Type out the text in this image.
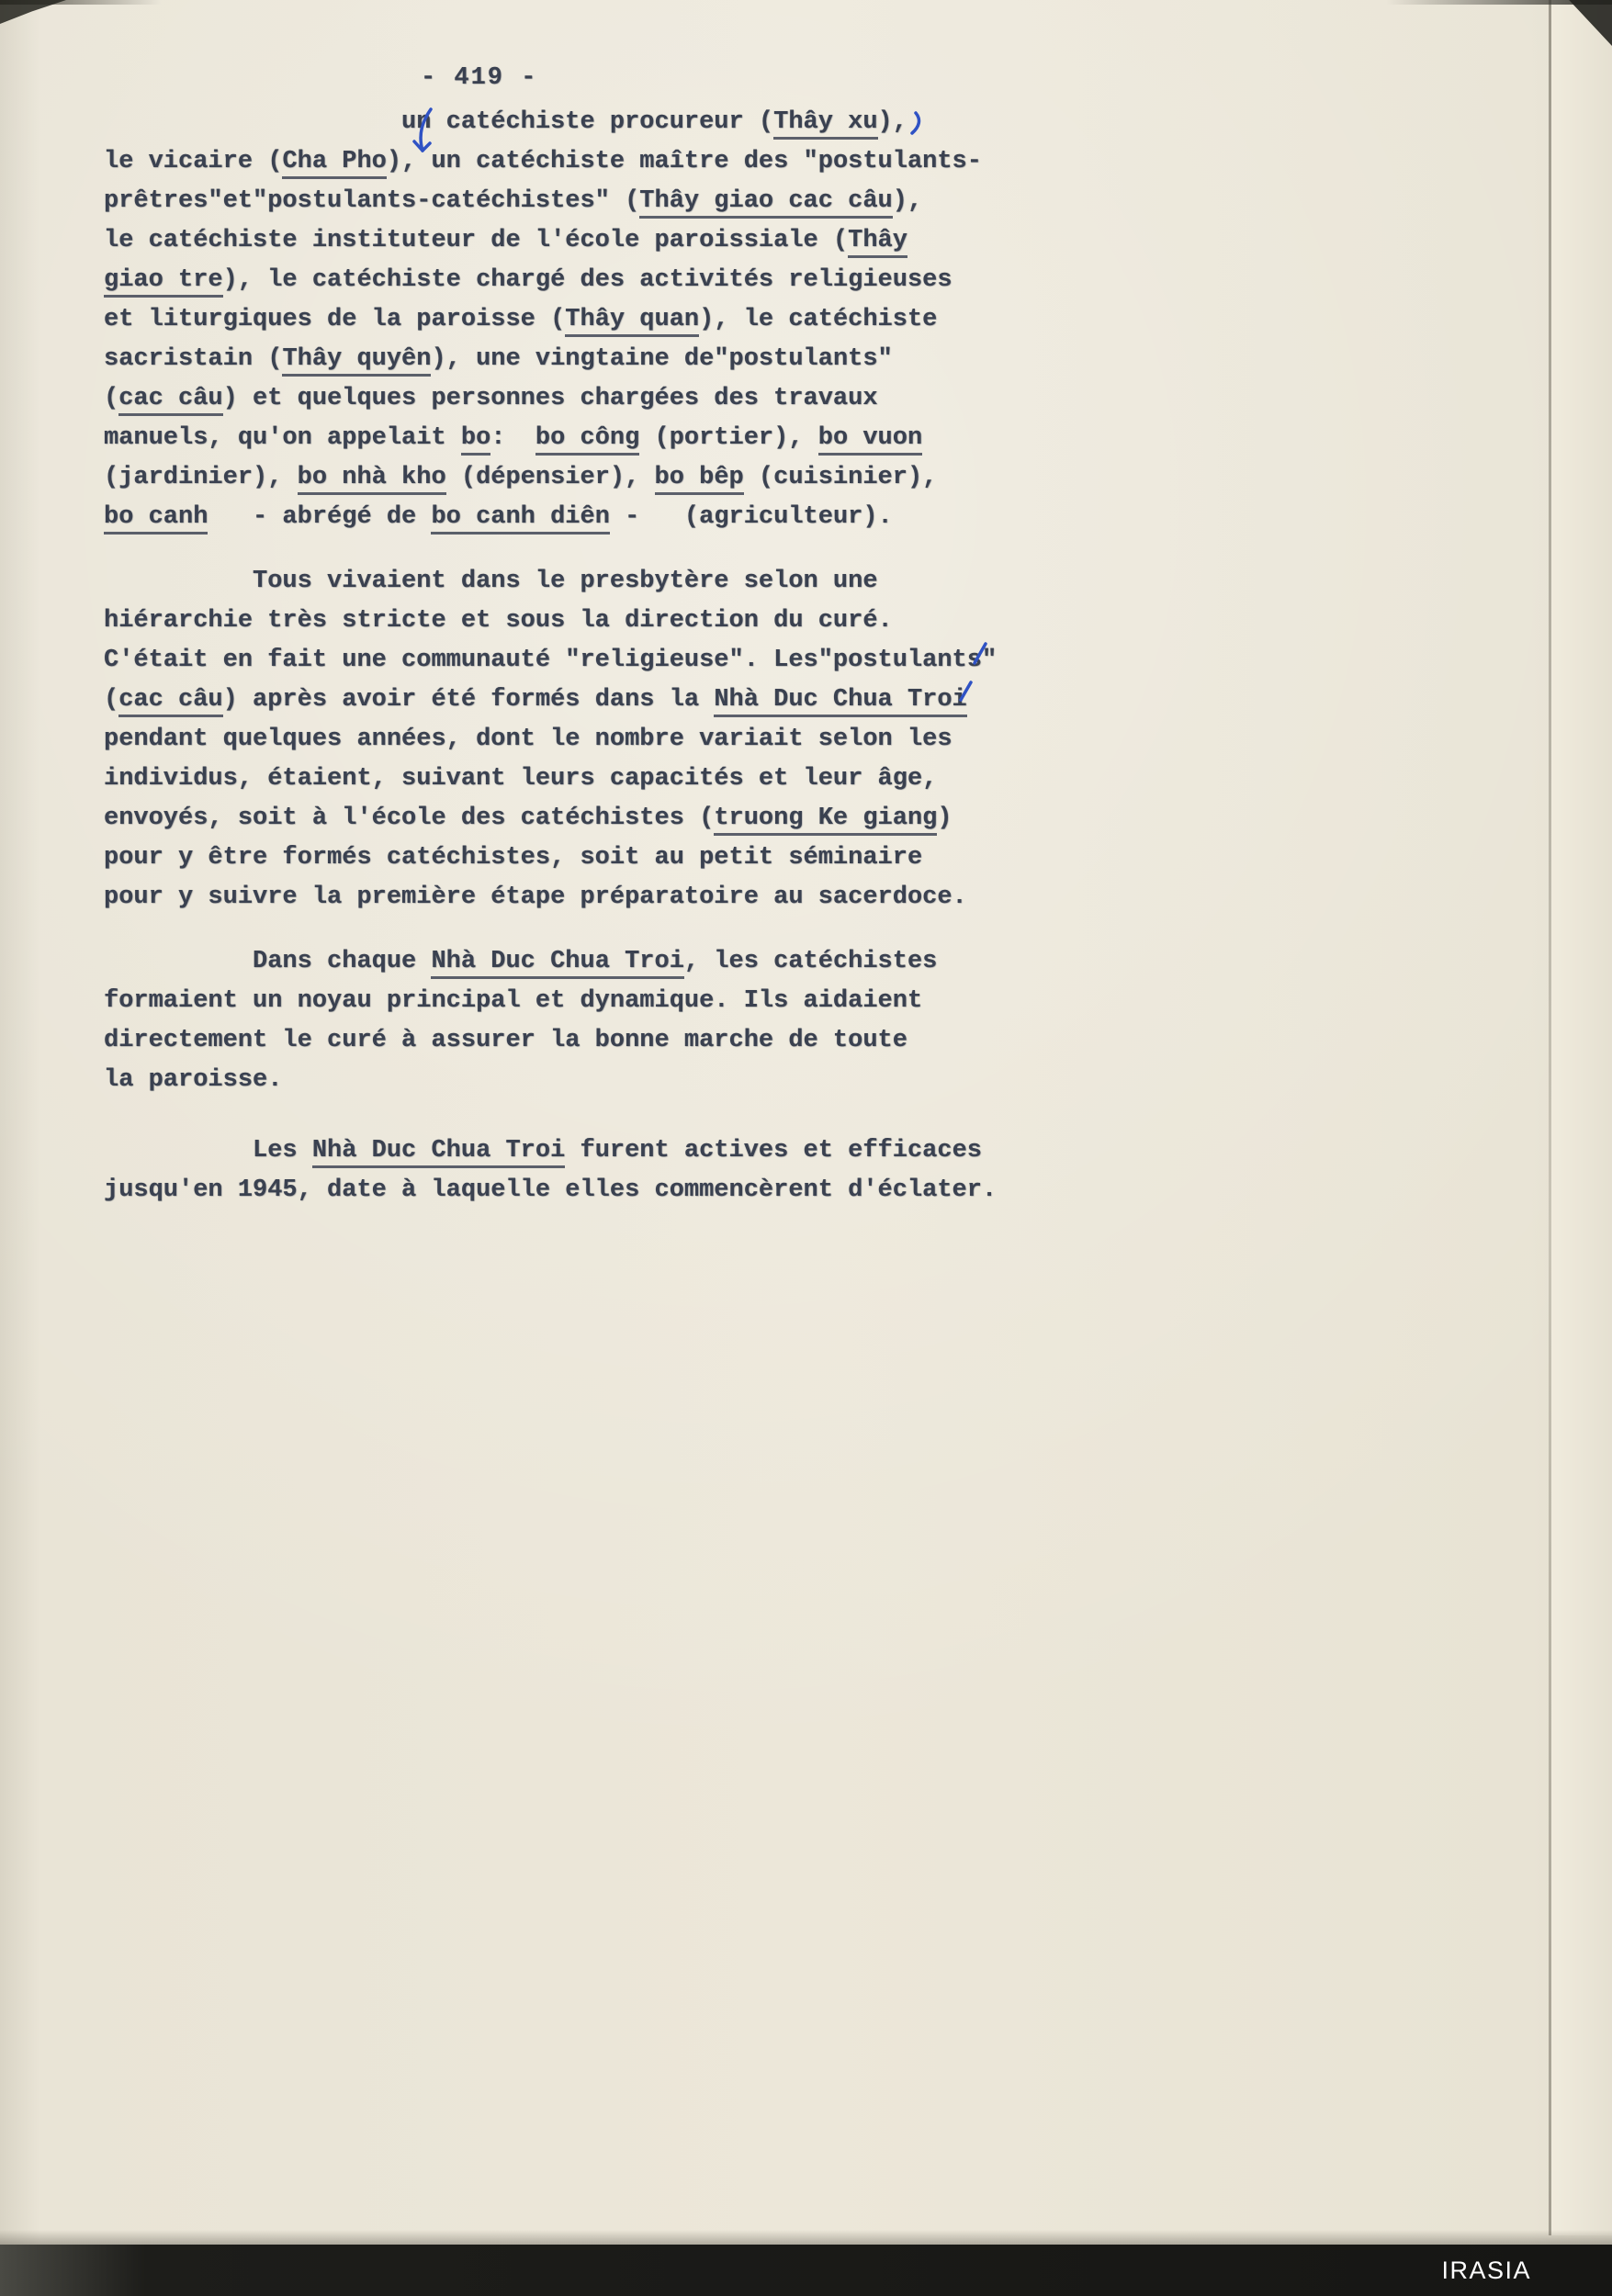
- 419 -
un catéchiste procureur (Thây xu),
le vicaire (Cha Pho), un catéchiste maître des "postulants-
prêtres"et"postulants-catéchistes" (Thây giao cac câu),
le catéchiste instituteur de l'école paroissiale (Thây
giao tre), le catéchiste chargé des activités religieuses
et liturgiques de la paroisse (Thây quan), le catéchiste
sacristain (Thây quyên), une vingtaine de"postulants"
(cac câu) et quelques personnes chargées des travaux
manuels, qu'on appelait bo:  bo công (portier), bo vuon
(jardinier), bo nhà kho (dépensier), bo bêp (cuisinier),
bo canh   - abrégé de bo canh diên -   (agriculteur).
Tous vivaient dans le presbytère selon une
hiérarchie très stricte et sous la direction du curé.
C'était en fait une communauté "religieuse". Les"postulants"
(cac câu) après avoir été formés dans la Nhà Duc Chua Troi
pendant quelques années, dont le nombre variait selon les
individus, étaient, suivant leurs capacités et leur âge,
envoyés, soit à l'école des catéchistes (truong Ke giang)
pour y être formés catéchistes, soit au petit séminaire
pour y suivre la première étape préparatoire au sacerdoce.
Dans chaque Nhà Duc Chua Troi, les catéchistes
formaient un noyau principal et dynamique. Ils aidaient
directement le curé à assurer la bonne marche de toute
la paroisse.
Les Nhà Duc Chua Troi furent actives et efficaces
jusqu'en 1945, date à laquelle elles commencèrent d'éclater.
IRASIA
